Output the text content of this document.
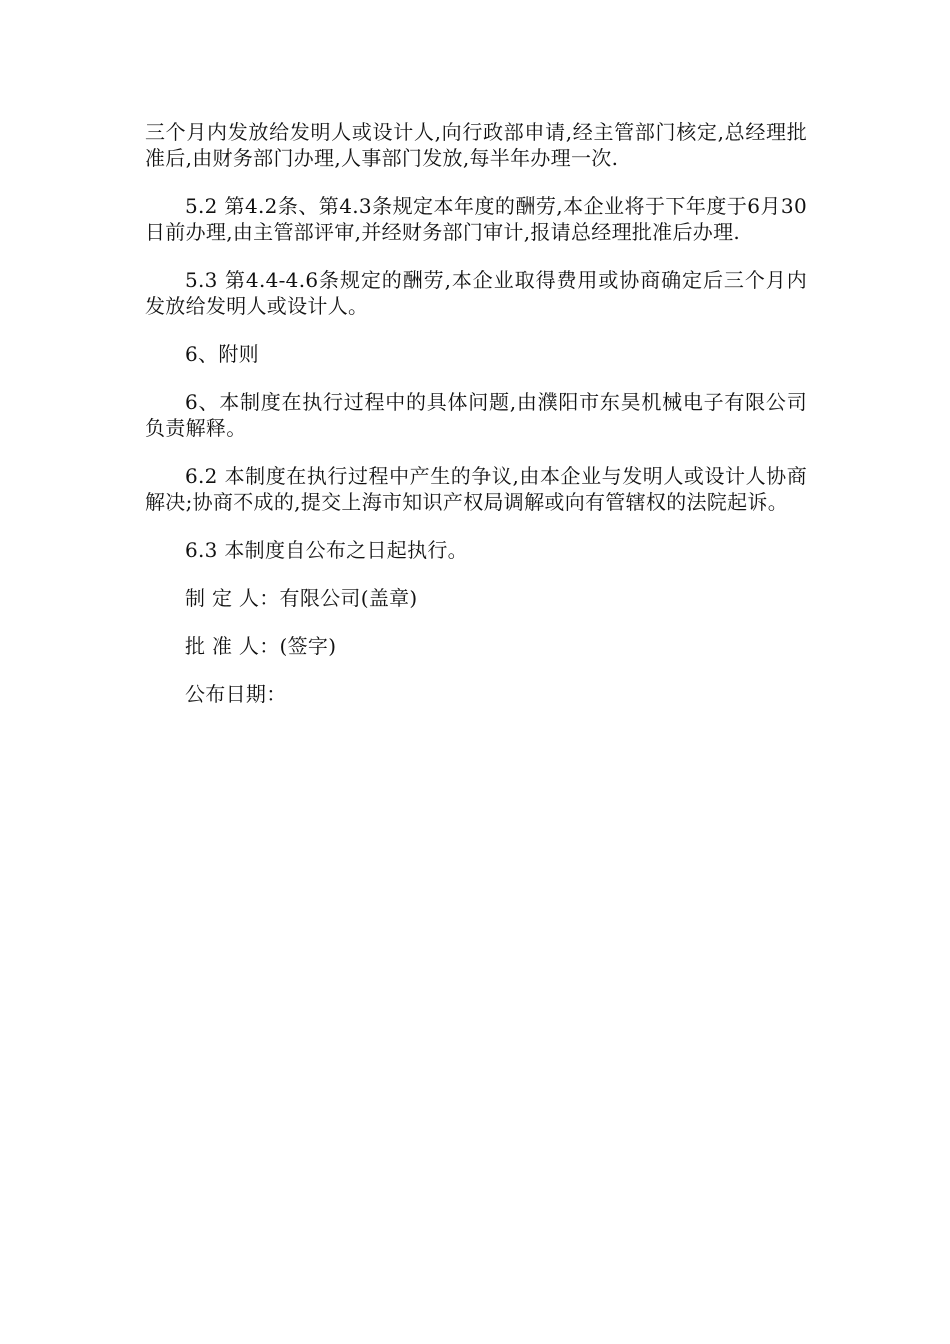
三个月内发放给发明人或设计人,向行政部申请,经主管部门核定,总经理批准后,由财务部门办理,人事部门发放,每半年办理一次.

5.2 第4.2条、第4.3条规定本年度的酬劳,本企业将于下年度于6月30日前办理,由主管部评审,并经财务部门审计,报请总经理批准后办理.

5.3 第4.4-4.6条规定的酬劳,本企业取得费用或协商确定后三个月内发放给发明人或设计人。

6、附则

6、本制度在执行过程中的具体问题,由濮阳市东昊机械电子有限公司负责解释。

6.2 本制度在执行过程中产生的争议,由本企业与发明人或设计人协商解决;协商不成的,提交上海市知识产权局调解或向有管辖权的法院起诉。

6.3 本制度自公布之日起执行。

制 定 人：有限公司(盖章)

批 准 人：(签字)

公布日期：
